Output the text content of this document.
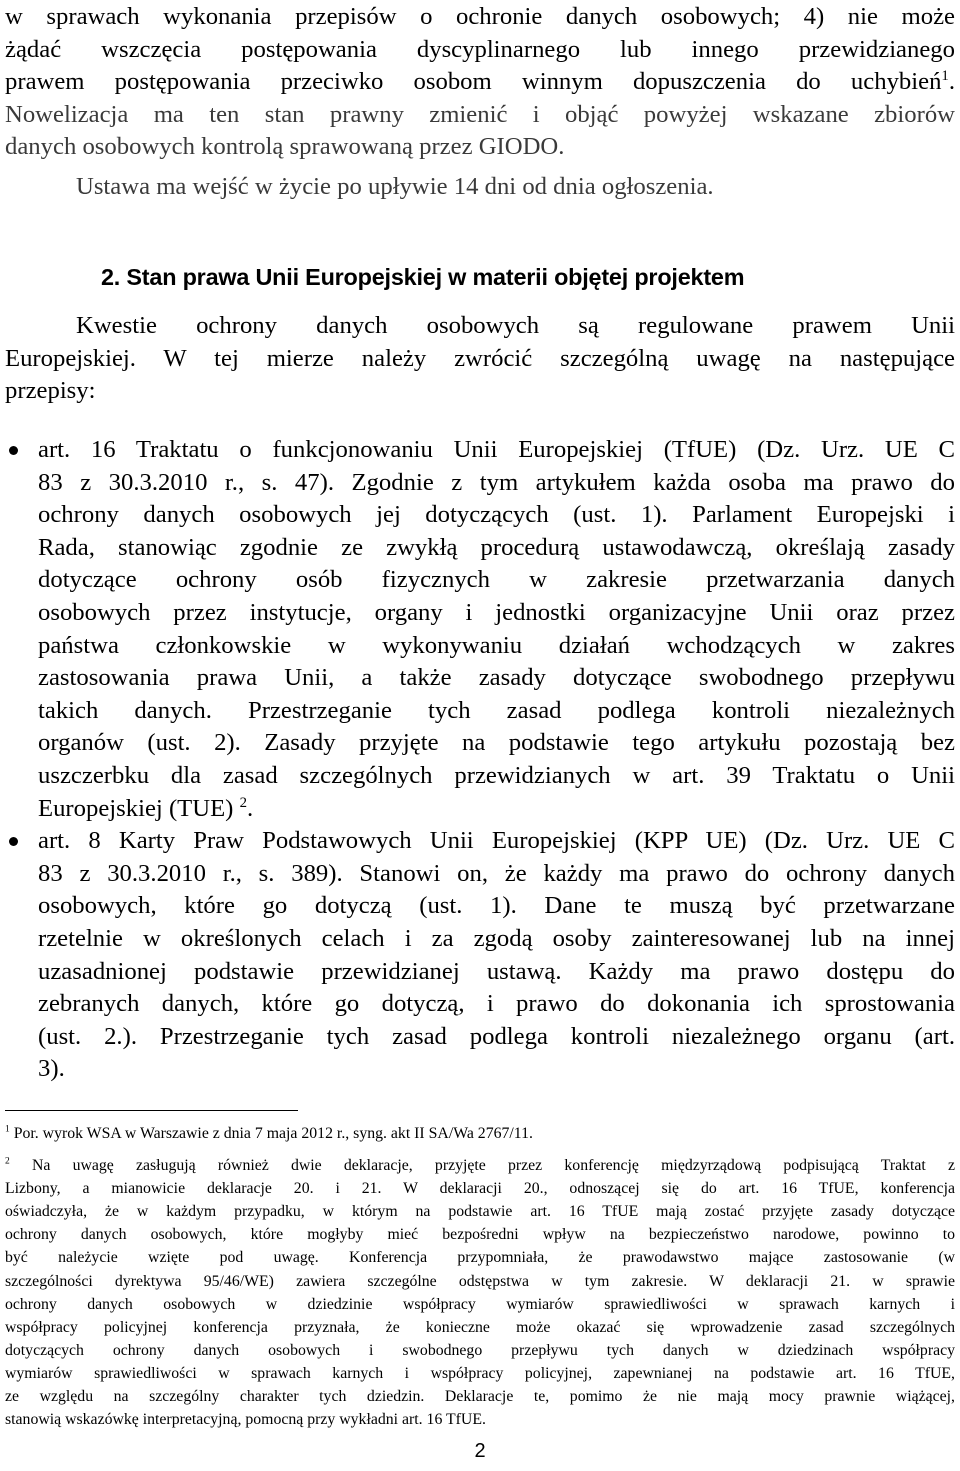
w sprawach wykonania przepisów o ochronie danych osobowych; 4) nie może
żądać wszczęcia postępowania dyscyplinarnego lub innego przewidzianego
prawem postępowania przeciwko osobom winnym dopuszczenia do uchybień$^1$.
Nowelizacja ma ten stan prawny zmienić i objąć powyżej wskazane zbiorów
danych osobowych kontrolą sprawowaną przez GIODO.
Ustawa ma wejść w życie po upływie 14 dni od dnia ogłoszenia.
2. Stan prawa Unii Europejskiej w materii objętej projektem
Kwestie ochrony danych osobowych są regulowane prawem Unii
Europejskiej. W tej mierze należy zwrócić szczególną uwagę na następujące
przepisy:
art. 16 Traktatu o funkcjonowaniu Unii Europejskiej (TfUE) (Dz. Urz. UE C
83 z 30.3.2010 r., s. 47). Zgodnie z tym artykułem każda osoba ma prawo do
ochrony danych osobowych jej dotyczących (ust. 1). Parlament Europejski i
Rada, stanowiąc zgodnie ze zwykłą procedurą ustawodawczą, określają zasady
dotyczące ochrony osób fizycznych w zakresie przetwarzania danych
osobowych przez instytucje, organy i jednostki organizacyjne Unii oraz przez
państwa członkowskie w wykonywaniu działań wchodzących w zakres
zastosowania prawa Unii, a także zasady dotyczące swobodnego przepływu
takich danych. Przestrzeganie tych zasad podlega kontroli niezależnych
organów (ust. 2). Zasady przyjęte na podstawie tego artykułu pozostają bez
uszczerbku dla zasad szczególnych przewidzianych w art. 39 Traktatu o Unii
Europejskiej (TUE) $^2$.
art. 8 Karty Praw Podstawowych Unii Europejskiej (KPP UE) (Dz. Urz. UE C
83 z 30.3.2010 r., s. 389). Stanowi on, że każdy ma prawo do ochrony danych
osobowych, które go dotyczą (ust. 1). Dane te muszą być przetwarzane
rzetelnie w określonych celach i za zgodą osoby zainteresowanej lub na innej
uzasadnionej podstawie przewidzianej ustawą. Każdy ma prawo dostępu do
zebranych danych, które go dotyczą, i prawo do dokonania ich sprostowania
(ust. 2.). Przestrzeganie tych zasad podlega kontroli niezależnego organu (art.
3).

$^1$ Por. wyrok WSA w Warszawie z dnia 7 maja 2012 r., syng. akt II SA/Wa 2767/11.

$^2$ Na uwagę zasługują również dwie deklaracje, przyjęte przez konferencję międzyrządową podpisującą Traktat z
Lizbony, a mianowicie deklaracje 20. i 21. W deklaracji 20., odnoszącej się do art. 16 TfUE, konferencja
oświadczyła, że w każdym przypadku, w którym na podstawie art. 16 TfUE mają zostać przyjęte zasady dotyczące
ochrony danych osobowych, które mogłyby mieć bezpośredni wpływ na bezpieczeństwo narodowe, powinno to
być należycie wzięte pod uwagę. Konferencja przypomniała, że prawodawstwo mające zastosowanie (w
szczególności dyrektywa 95/46/WE) zawiera szczególne odstępstwa w tym zakresie. W deklaracji 21. w sprawie
ochrony danych osobowych w dziedzinie współpracy wymiarów sprawiedliwości w sprawach karnych i
współpracy policyjnej konferencja przyznała, że konieczne może okazać się wprowadzenie zasad szczególnych
dotyczących ochrony danych osobowych i swobodnego przepływu tych danych w dziedzinach współpracy
wymiarów sprawiedliwości w sprawach karnych i współpracy policyjnej, zapewnianej na podstawie art. 16 TfUE,
ze względu na szczególny charakter tych dziedzin. Deklaracje te, pomimo że nie mają mocy prawnie wiążącej,
stanowią wskazówkę interpretacyjną, pomocną przy wykładni art. 16 TfUE.

2
